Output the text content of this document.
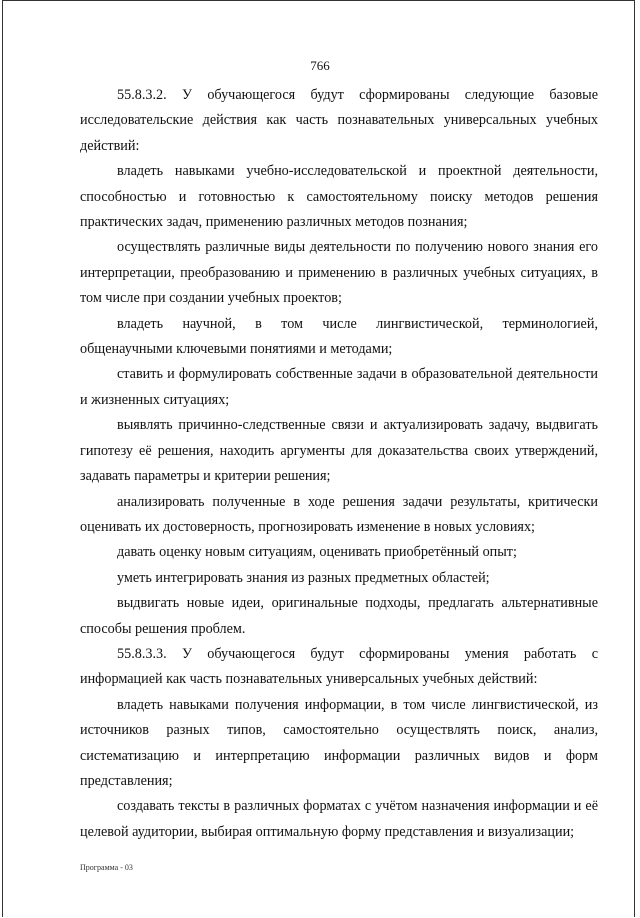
766

55.8.3.2. У обучающегося будут сформированы следующие базовые исследовательские действия как часть познавательных универсальных учебных действий:

владеть навыками учебно-исследовательской и проектной деятельности, способностью и готовностью к самостоятельному поиску методов решения практических задач, применению различных методов познания;

осуществлять различные виды деятельности по получению нового знания его интерпретации, преобразованию и применению в различных учебных ситуациях, в том числе при создании учебных проектов;

владеть научной, в том числе лингвистической, терминологией, общенаучными ключевыми понятиями и методами;

ставить и формулировать собственные задачи в образовательной деятельности и жизненных ситуациях;

выявлять причинно-следственные связи и актуализировать задачу, выдвигать гипотезу её решения, находить аргументы для доказательства своих утверждений, задавать параметры и критерии решения;

анализировать полученные в ходе решения задачи результаты, критически оценивать их достоверность, прогнозировать изменение в новых условиях;

давать оценку новым ситуациям, оценивать приобретённый опыт;

уметь интегрировать знания из разных предметных областей;

выдвигать новые идеи, оригинальные подходы, предлагать альтернативные способы решения проблем.

55.8.3.3. У обучающегося будут сформированы умения работать с информацией как часть познавательных универсальных учебных действий:

владеть навыками получения информации, в том числе лингвистической, из источников разных типов, самостоятельно осуществлять поиск, анализ, систематизацию и интерпретацию информации различных видов и форм представления;

создавать тексты в различных форматах с учётом назначения информации и её целевой аудитории, выбирая оптимальную форму представления и визуализации;

Программа - 03
